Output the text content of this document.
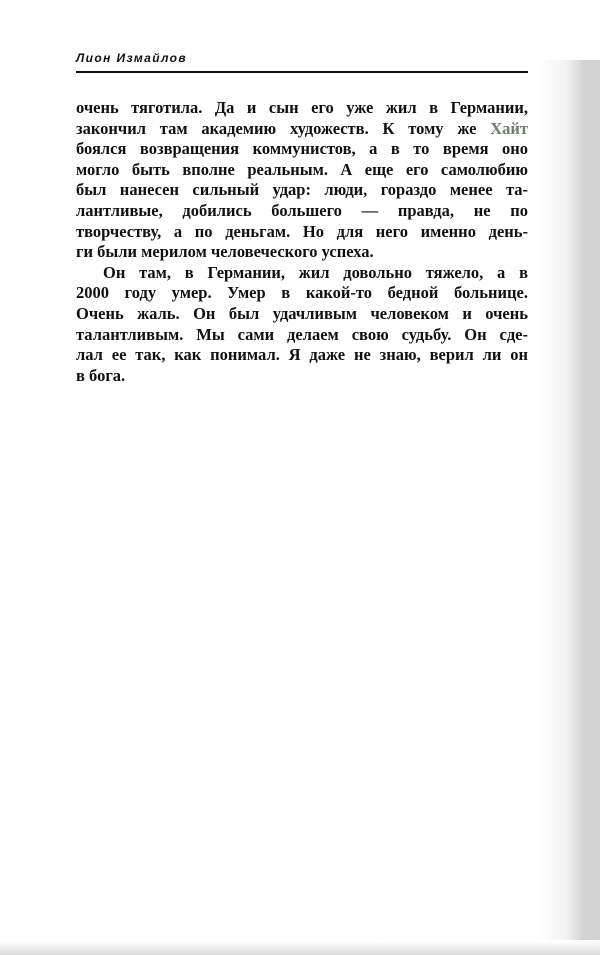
Лион Измайлов

очень тяготила. Да и сын его уже жил в Германии,
закончил там академию художеств. К тому же Хайт
боялся возвращения коммунистов, а в то время оно
могло быть вполне реальным. А еще его самолюбию
был нанесен сильный удар: люди, гораздо менее та-
лантливые, добились большего — правда, не по
творчеству, а по деньгам. Но для него именно день-
ги были мерилом человеческого успеха.

Он там, в Германии, жил довольно тяжело, а в
2000 году умер. Умер в какой-то бедной больнице.
Очень жаль. Он был удачливым человеком и очень
талантливым. Мы сами делаем свою судьбу. Он сде-
лал ее так, как понимал. Я даже не знаю, верил ли он
в бога.
